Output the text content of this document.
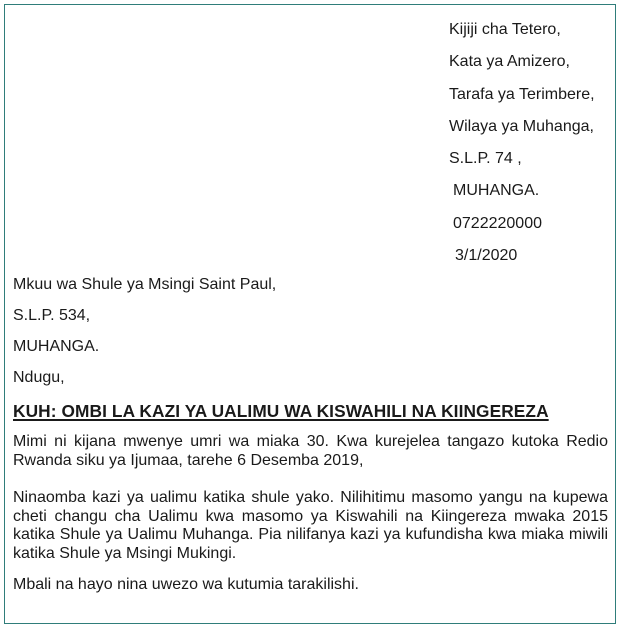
Kijiji cha Tetero,
Kata ya Amizero,
Tarafa ya Terimbere,
Wilaya ya Muhanga,
S.L.P. 74 ,
MUHANGA.
0722220000
3/1/2020
Mkuu wa Shule ya Msingi Saint Paul,
S.L.P. 534,
MUHANGA.
Ndugu,
KUH: OMBI LA KAZI YA UALIMU WA KISWAHILI NA KIINGEREZA

Mimi ni kijana mwenye umri wa miaka 30. Kwa kurejelea tangazo kutoka Redio Rwanda siku ya Ijumaa, tarehe 6 Desemba 2019,

Ninaomba kazi ya ualimu katika shule yako. Nilihitimu masomo yangu na kupewa cheti changu cha Ualimu kwa masomo ya Kiswahili na Kiingereza mwaka 2015 katika Shule ya Ualimu Muhanga. Pia nilifanya kazi ya kufundisha kwa miaka miwili katika Shule ya Msingi Mukingi.

Mbali na hayo nina uwezo wa kutumia tarakilishi.
